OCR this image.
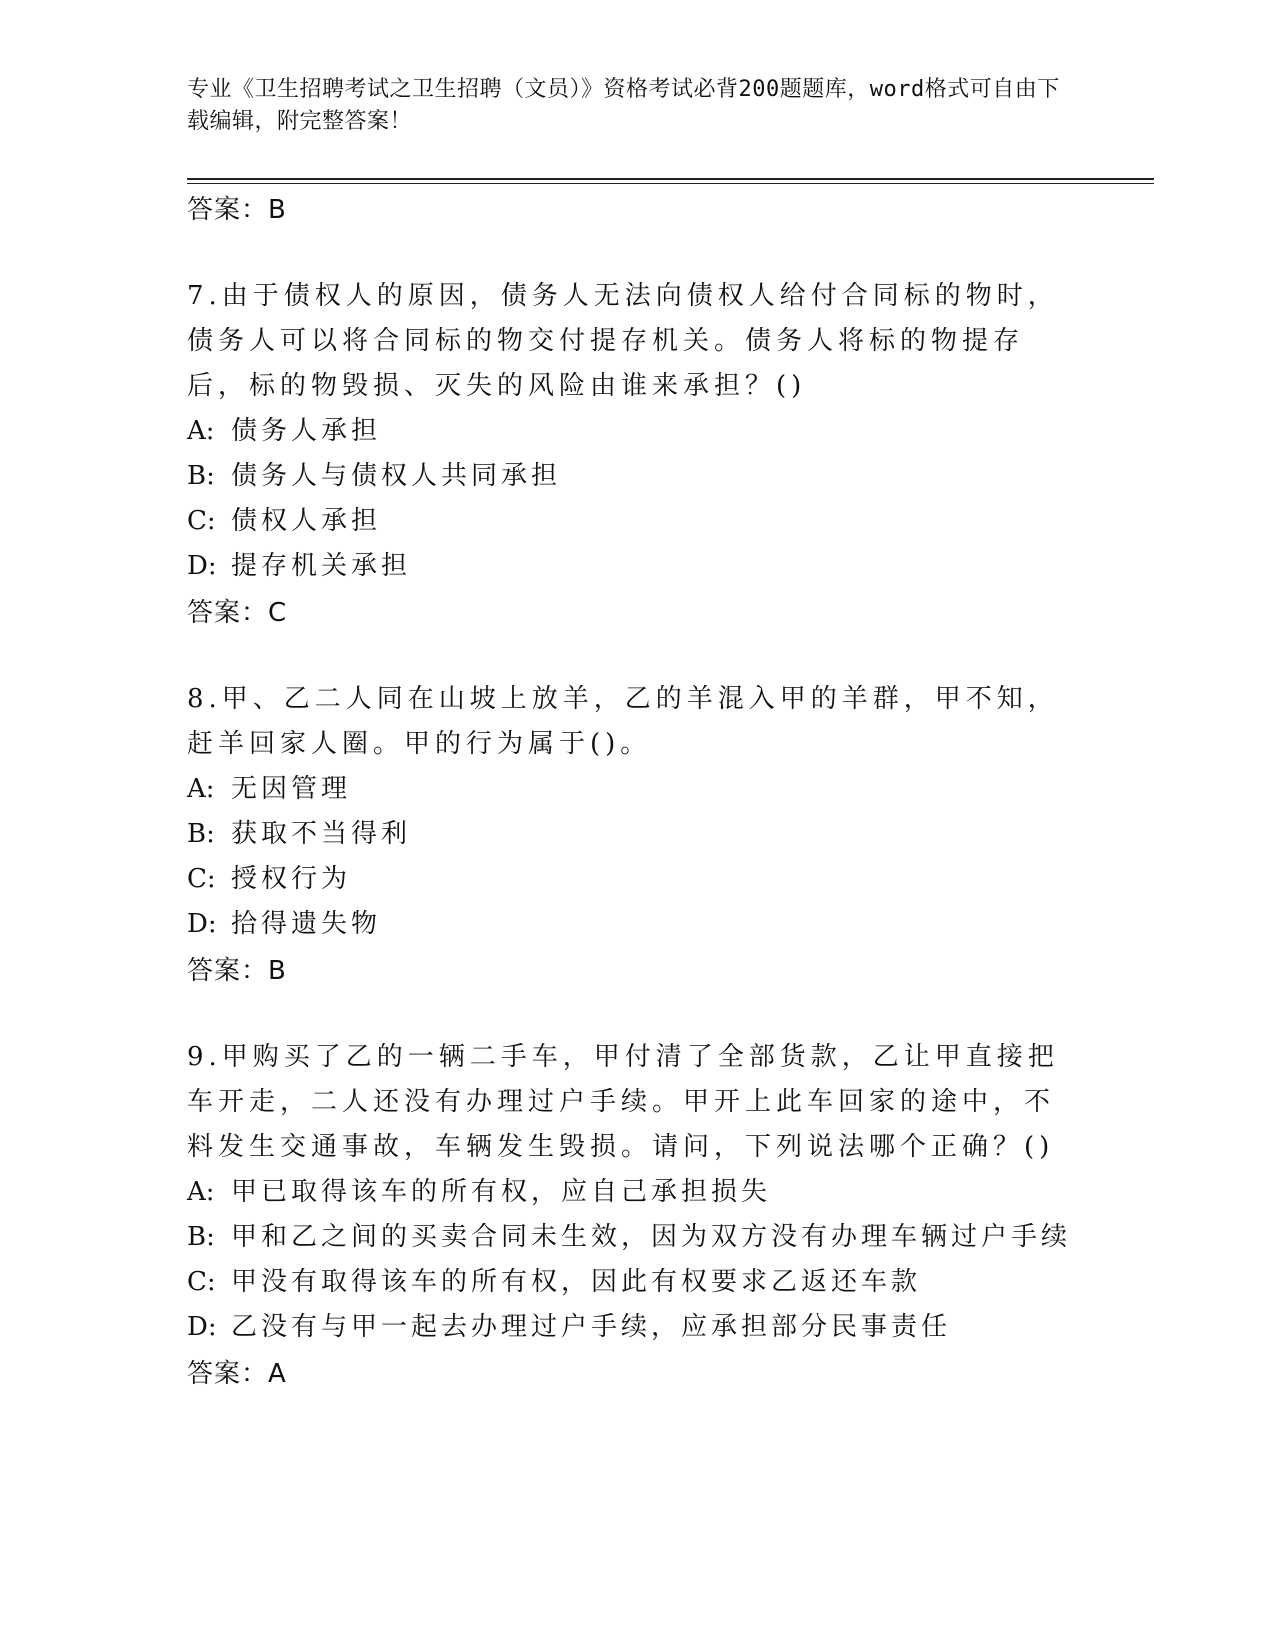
专业《卫生招聘考试之卫生招聘（文员）》资格考试必背200题题库，word格式可自由下载编辑，附完整答案！

答案：B

7.由于债权人的原因，债务人无法向债权人给付合同标的物时，债务人可以将合同标的物交付提存机关。债务人将标的物提存后，标的物毁损、灭失的风险由谁来承担？()

A: 债务人承担
B: 债务人与债权人共同承担
C: 债权人承担
D: 提存机关承担
答案：C

8.甲、乙二人同在山坡上放羊，乙的羊混入甲的羊群，甲不知，赶羊回家人圈。甲的行为属于()。

A: 无因管理
B: 获取不当得利
C: 授权行为
D: 拾得遗失物
答案：B

9.甲购买了乙的一辆二手车，甲付清了全部货款，乙让甲直接把车开走，二人还没有办理过户手续。甲开上此车回家的途中，不料发生交通事故，车辆发生毁损。请问，下列说法哪个正确？()

A: 甲已取得该车的所有权，应自己承担损失
B: 甲和乙之间的买卖合同未生效，因为双方没有办理车辆过户手续
C: 甲没有取得该车的所有权，因此有权要求乙返还车款
D: 乙没有与甲一起去办理过户手续，应承担部分民事责任
答案：A
